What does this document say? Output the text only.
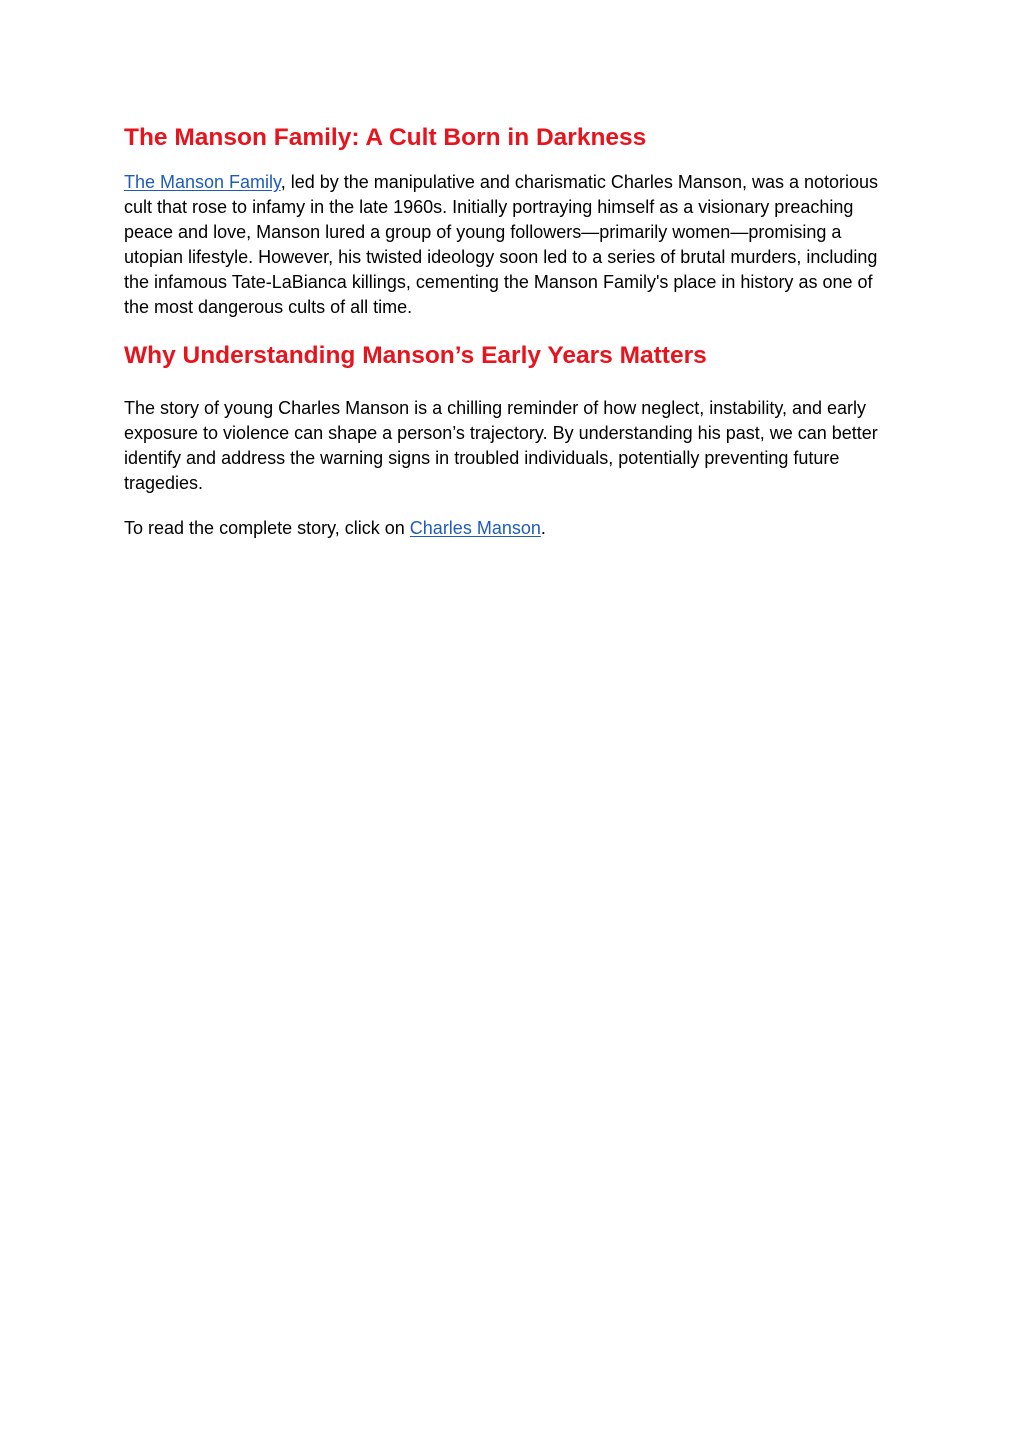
The Manson Family: A Cult Born in Darkness

The Manson Family, led by the manipulative and charismatic Charles Manson, was a notorious cult that rose to infamy in the late 1960s. Initially portraying himself as a visionary preaching peace and love, Manson lured a group of young followers—primarily women—promising a utopian lifestyle. However, his twisted ideology soon led to a series of brutal murders, including the infamous Tate-LaBianca killings, cementing the Manson Family's place in history as one of the most dangerous cults of all time.

Why Understanding Manson’s Early Years Matters

The story of young Charles Manson is a chilling reminder of how neglect, instability, and early exposure to violence can shape a person’s trajectory. By understanding his past, we can better identify and address the warning signs in troubled individuals, potentially preventing future tragedies.

To read the complete story, click on Charles Manson.
